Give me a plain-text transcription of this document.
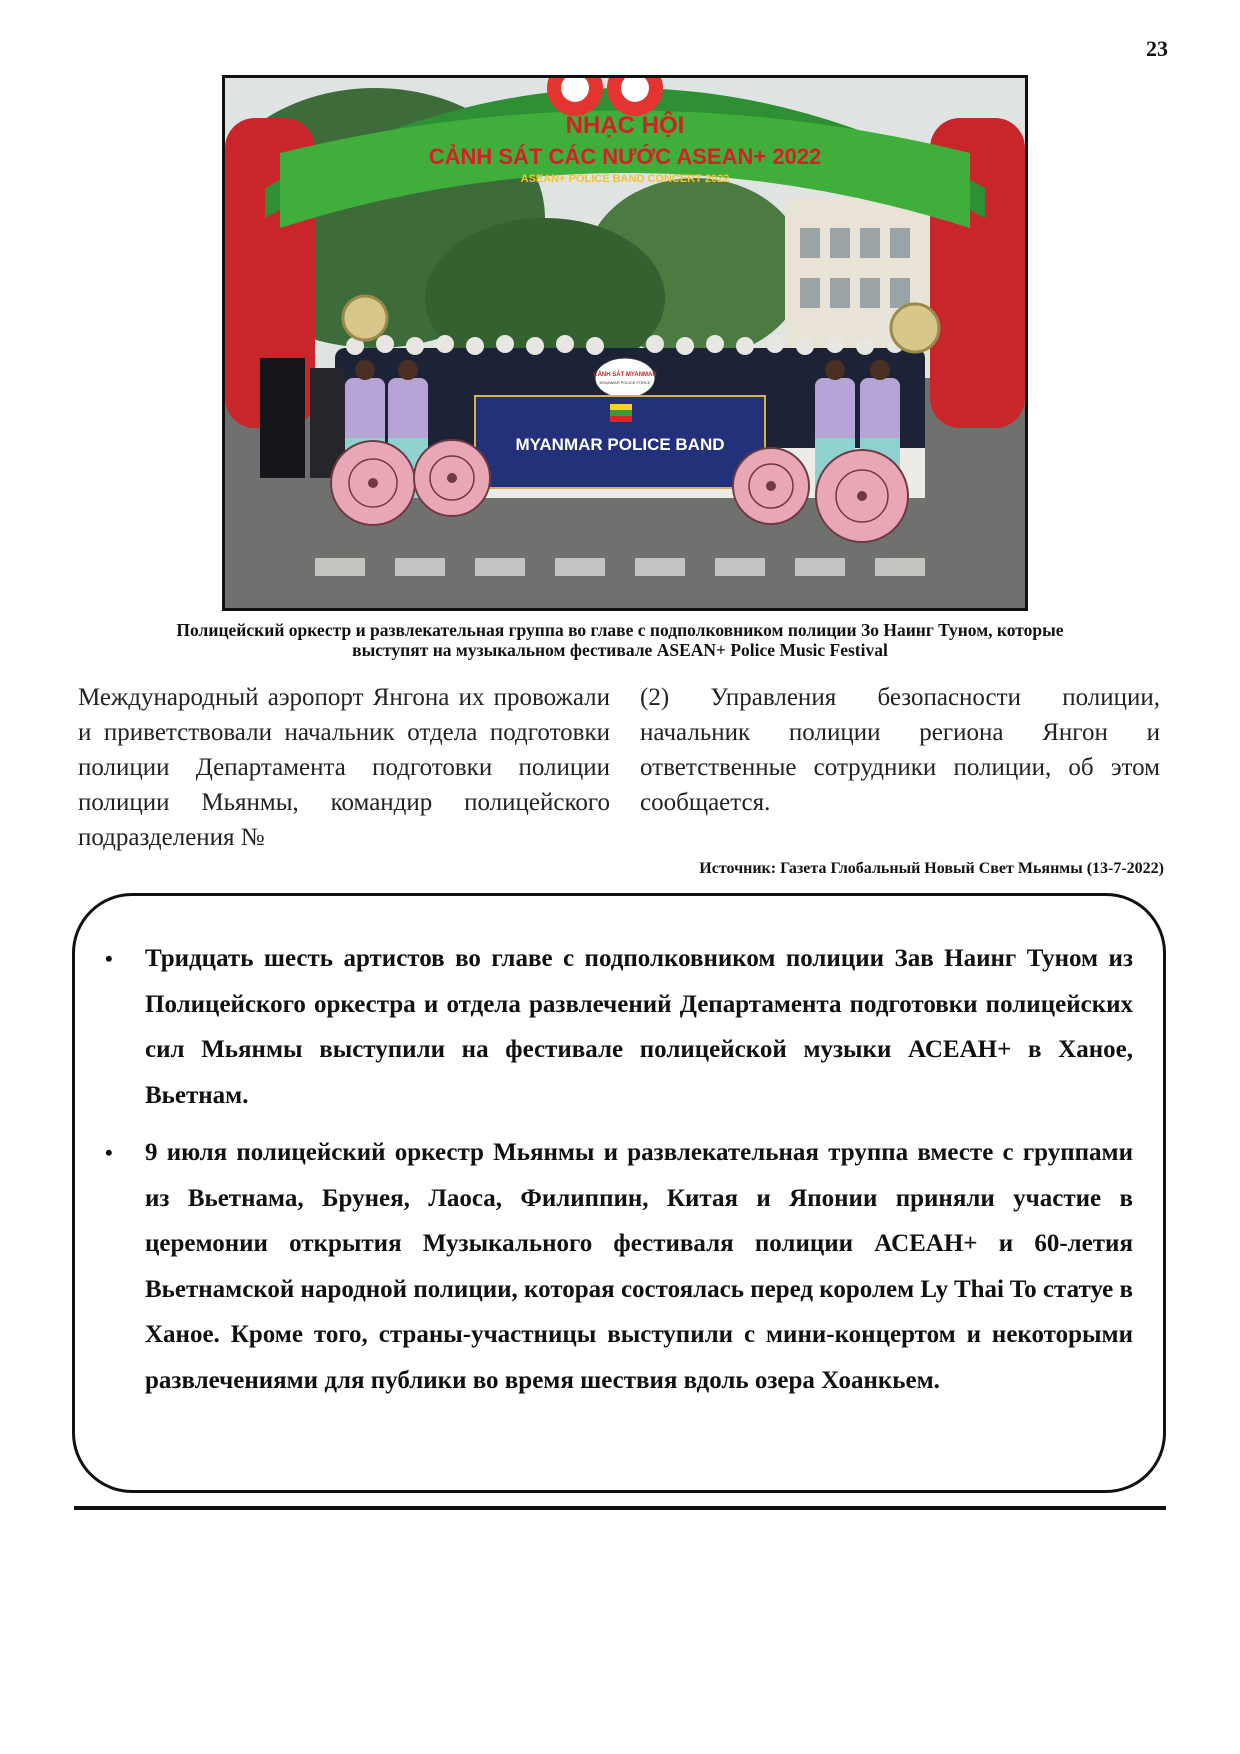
23
NHẠC HỘI
CẢNH SÁT CÁC NƯỚC ASEAN+ 2022
ASEAN+ POLICE BAND CONCERT 2022
CẢNH SÁT MYANMAR
MYANMAR POLICE FORCE
MYANMAR POLICE BAND
Полицейский оркестр и развлекательная группа во главе с подполковником полиции Зо Наинг Туном, которые
выступят на музыкальном фестивале ASEAN+ Police Music Festival
Международный аэропорт Янгона их провожали и приветствовали начальник отдела подготовки полиции Департамента подготовки полиции полиции Мьянмы, командир полицейского подразделения №
(2) Управления безопасности полиции, начальник полиции региона Янгон и ответственные сотрудники полиции, об этом сообщается.
Источник: Газета Глобальный Новый Свет Мьянмы (13-7-2022)
• Тридцать шесть артистов во главе с подполковником полиции Зав Наинг Туном из Полицейского оркестра и отдела развлечений Департамента подготовки полицейских сил Мьянмы выступили на фестивале полицейской музыки АСЕАН+ в Ханое, Вьетнам.
• 9 июля полицейский оркестр Мьянмы и развлекательная труппа вместе с группами из Вьетнама, Брунея, Лаоса, Филиппин, Китая и Японии приняли участие в церемонии открытия Музыкального фестиваля полиции АСЕАН+ и 60-летия Вьетнамской народной полиции, которая состоялась перед королем Ly Thai To статуе в Ханое. Кроме того, страны-участницы выступили с мини-концертом и некоторыми развлечениями для публики во время шествия вдоль озера Хоанкьем.
